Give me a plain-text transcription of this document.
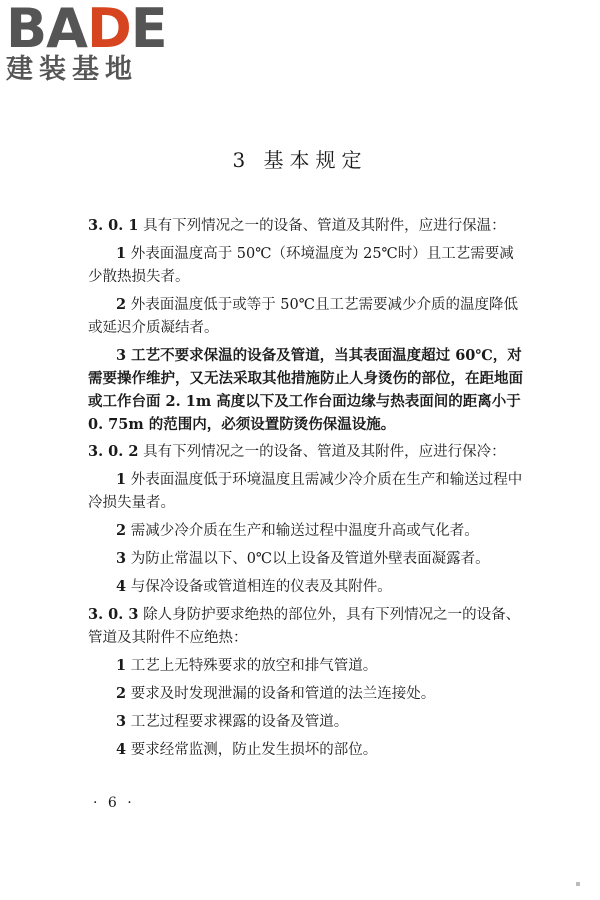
BADE
建装基地
3 基本规定

3. 0. 1 具有下列情况之一的设备、管道及其附件，应进行保温：

1 外表面温度高于 50℃（环境温度为 25℃时）且工艺需要减少散热损失者。

2 外表面温度低于或等于 50℃且工艺需要减少介质的温度降低或延迟介质凝结者。

3 工艺不要求保温的设备及管道，当其表面温度超过 60℃，对需要操作维护，又无法采取其他措施防止人身烫伤的部位，在距地面或工作台面 2. 1m 高度以下及工作台面边缘与热表面间的距离小于 0. 75m 的范围内，必须设置防烫伤保温设施。

3. 0. 2 具有下列情况之一的设备、管道及其附件，应进行保冷：

1 外表面温度低于环境温度且需减少冷介质在生产和输送过程中冷损失量者。

2 需减少冷介质在生产和输送过程中温度升高或气化者。

3 为防止常温以下、0℃以上设备及管道外壁表面凝露者。

4 与保冷设备或管道相连的仪表及其附件。

3. 0. 3 除人身防护要求绝热的部位外，具有下列情况之一的设备、管道及其附件不应绝热：

1 工艺上无特殊要求的放空和排气管道。

2 要求及时发现泄漏的设备和管道的法兰连接处。

3 工艺过程要求裸露的设备及管道。

4 要求经常监测，防止发生损坏的部位。

· 6 ·
